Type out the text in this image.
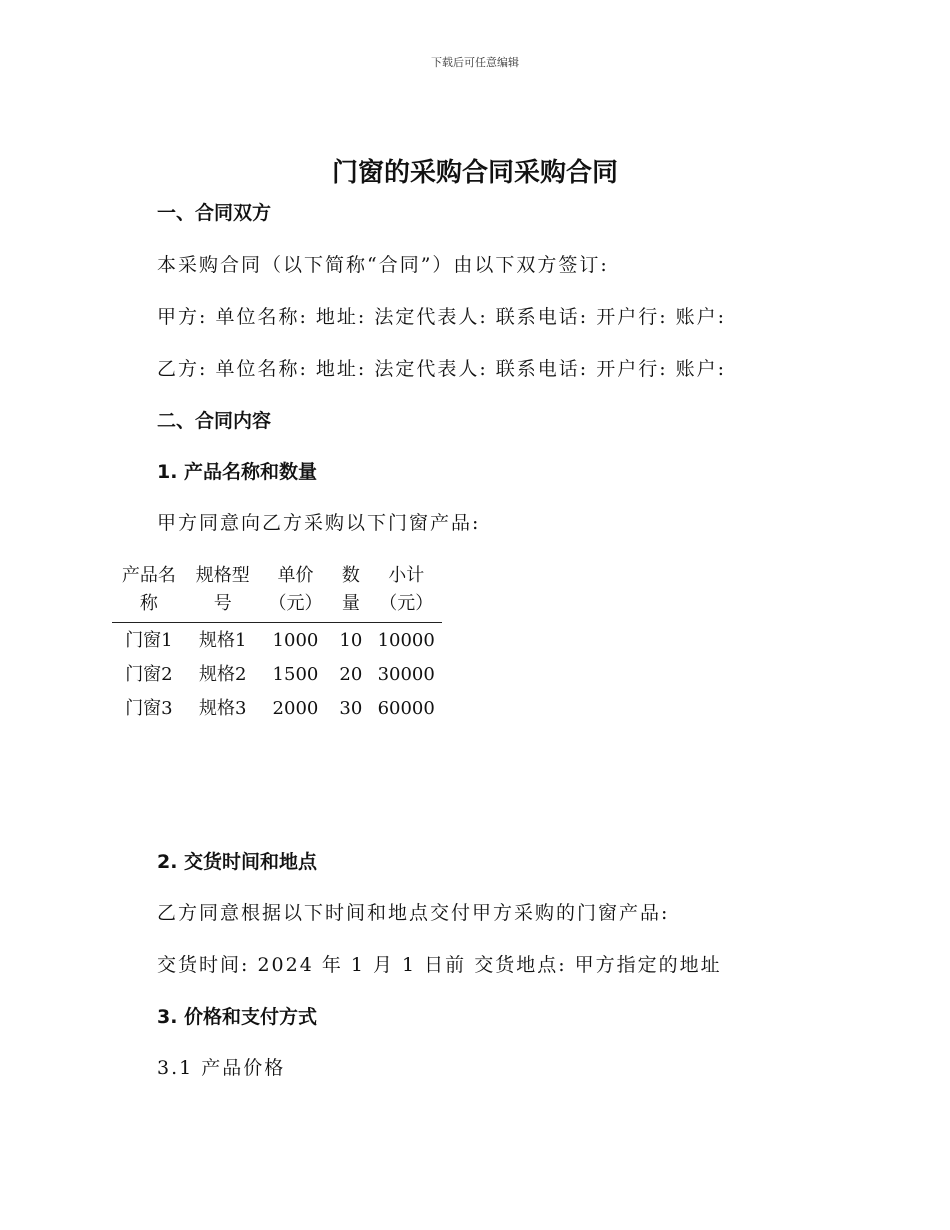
下载后可任意编辑
门窗的采购合同采购合同
一、合同双方
本采购合同（以下简称“合同”）由以下双方签订:
甲方: 单位名称: 地址: 法定代表人: 联系电话: 开户行: 账户:
乙方: 单位名称: 地址: 法定代表人: 联系电话: 开户行: 账户:
二、合同内容
1. 产品名称和数量
甲方同意向乙方采购以下门窗产品:
产品名称	规格型号	单价（元）	数量	小计（元）

门窗1	规格1	1000	10	10000

门窗2	规格2	1500	20	30000

门窗3	规格3	2000	30	60000
2. 交货时间和地点
乙方同意根据以下时间和地点交付甲方采购的门窗产品:
交货时间: 2024 年 1 月 1 日前 交货地点: 甲方指定的地址
3. 价格和支付方式
3.1 产品价格
